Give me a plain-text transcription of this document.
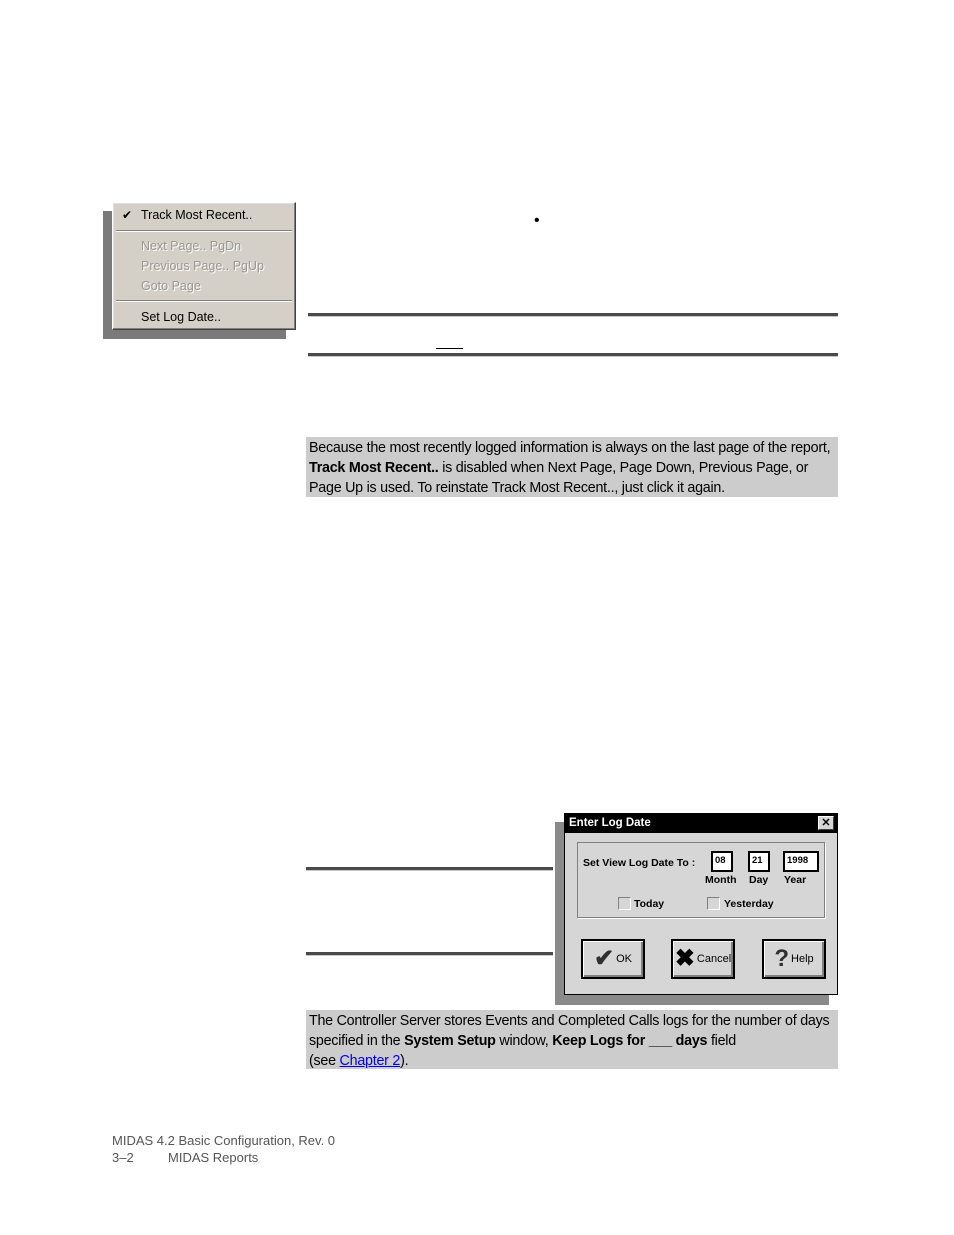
✔ Track Most Recent..
Next Page.. PgDn
Previous Page.. PgUp
Goto Page
Set Log Date..
•
Because the most recently logged information is always on the last page of the report,
Track Most Recent.. is disabled when Next Page, Page Down, Previous Page, or
Page Up is used. To reinstate Track Most Recent.., just click it again.
Enter Log Date	✕
Set View Log Date To :	08	21	1998
Month Day Year
Today	Yesterday
✔ OK ✖ Cancel ? Help
The Controller Server stores Events and Completed Calls logs for the number of days
specified in the System Setup window, Keep Logs for ___ days field
(see Chapter 2).
MIDAS 4.2 Basic Configuration, Rev. 0
3–2	MIDAS Reports
